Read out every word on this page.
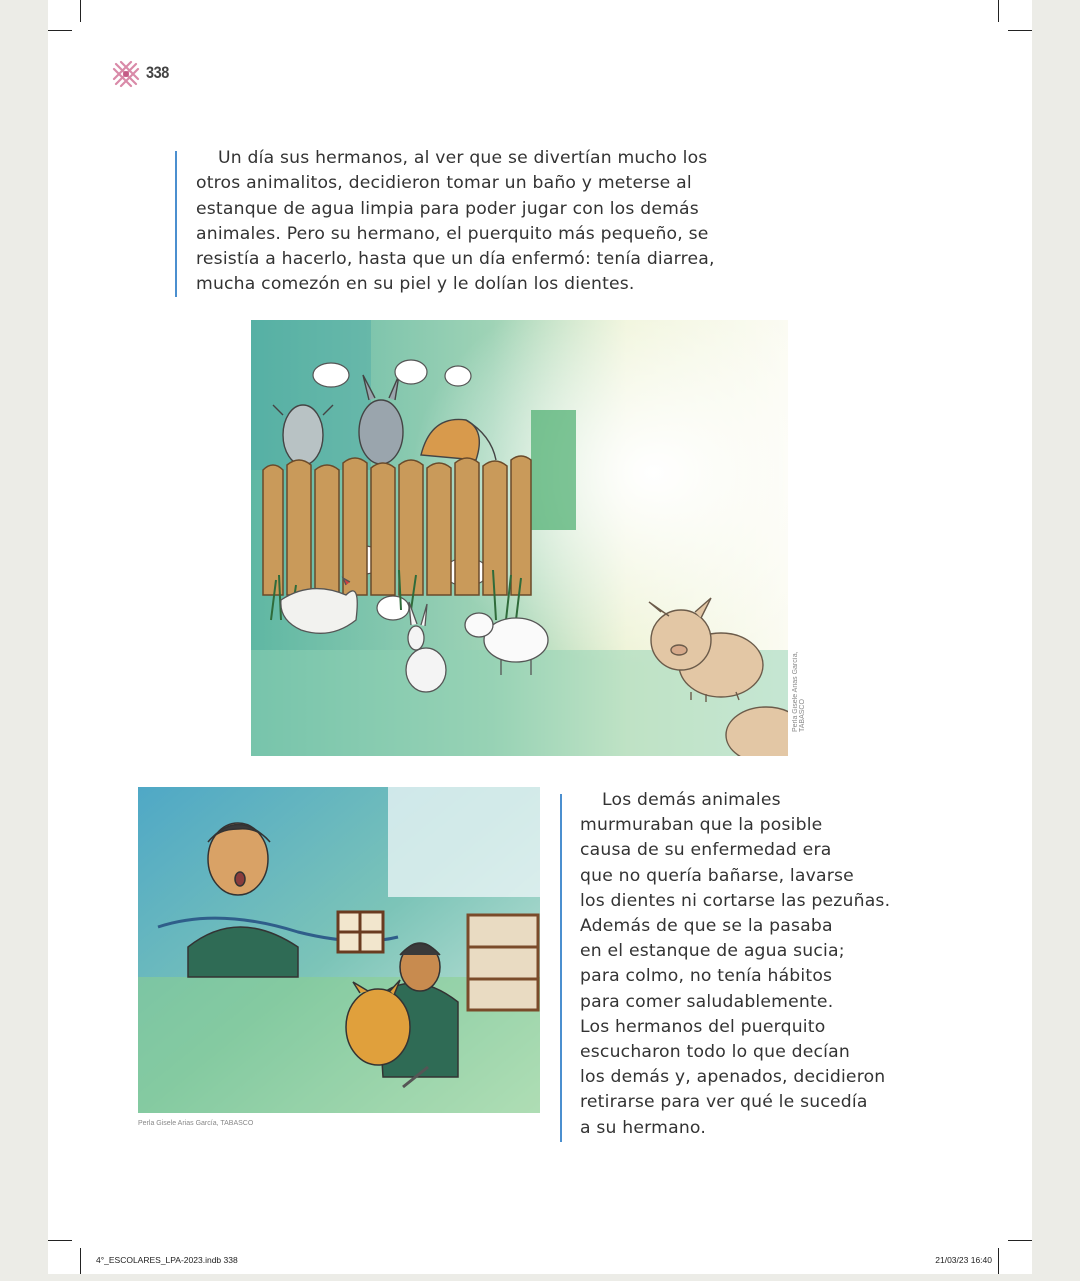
338
Un día sus hermanos, al ver que se divertían mucho los
otros animalitos, decidieron tomar un baño y meterse al
estanque de agua limpia para poder jugar con los demás
animales. Pero su hermano, el puerquito más pequeño, se
resistía a hacerlo, hasta que un día enfermó: tenía diarrea,
mucha comezón en su piel y le dolían los dientes.
Perla Gisele Arias García, TABASCO
Perla Gisele Arias García, TABASCO
Los demás animales
murmuraban que la posible
causa de su enfermedad era
que no quería bañarse, lavarse
los dientes ni cortarse las pezuñas.
Además de que se la pasaba
en el estanque de agua sucia;
para colmo, no tenía hábitos
para comer saludablemente.
Los hermanos del puerquito
escucharon todo lo que decían
los demás y, apenados, decidieron
retirarse para ver qué le sucedía
a su hermano.
4°_ESCOLARES_LPA-2023.indb 338	21/03/23 16:40
